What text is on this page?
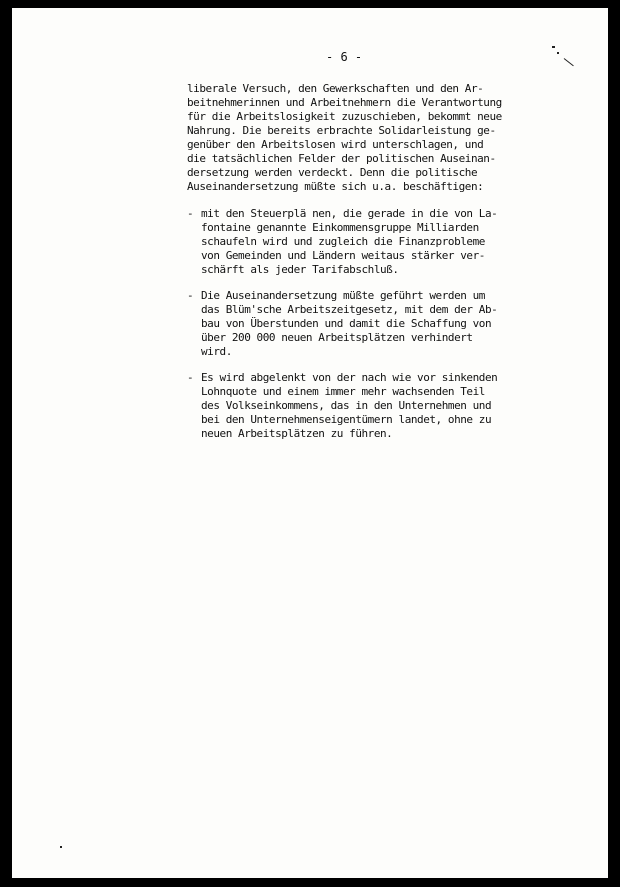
- 6 -

liberale Versuch, den Gewerkschaften und den Ar-
beitnehmerinnen und Arbeitnehmern die Verantwortung
für die Arbeitslosigkeit zuzuschieben, bekommt neue
Nahrung. Die bereits erbrachte Solidarleistung ge-
genüber den Arbeitslosen wird unterschlagen, und
die tatsächlichen Felder der politischen Auseinan-
dersetzung werden verdeckt. Denn die politische
Auseinandersetzung müßte sich u.a. beschäftigen:

- mit den Steuerplä nen, die gerade in die von La-
fontaine genannte Einkommensgruppe Milliarden
schaufeln wird und zugleich die Finanzprobleme
von Gemeinden und Ländern weitaus stärker ver-
schärft als jeder Tarifabschluß.
- Die Auseinandersetzung müßte geführt werden um
das Blüm'sche Arbeitszeitgesetz, mit dem der Ab-
bau von Überstunden und damit die Schaffung von
über 200 000 neuen Arbeitsplätzen verhindert
wird.
- Es wird abgelenkt von der nach wie vor sinkenden
Lohnquote und einem immer mehr wachsenden Teil
des Volkseinkommens, das in den Unternehmen und
bei den Unternehmenseigentümern landet, ohne zu
neuen Arbeitsplätzen zu führen.
